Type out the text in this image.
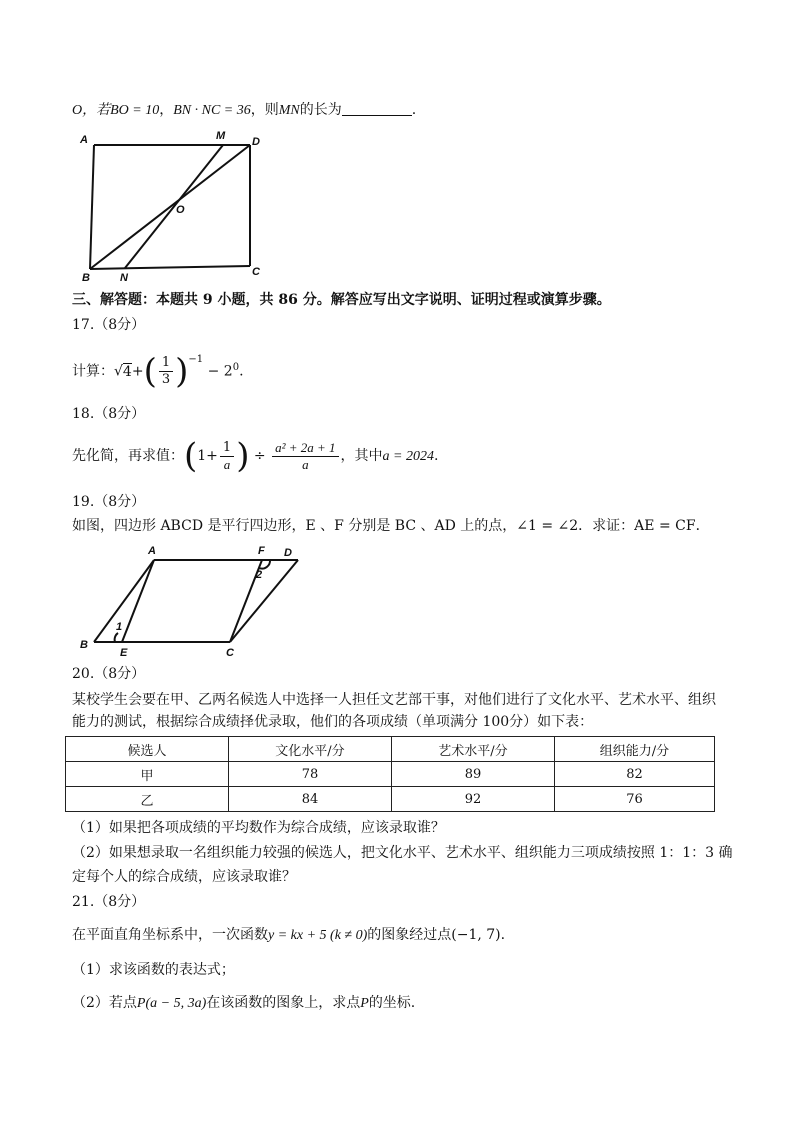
O，若BO = 10，BN · NC = 36，则MN的长为	.
A	M D
O
B	N	C
三、解答题：本题共 9 小题，共 86 分。解答应写出文字说明、证明过程或演算步骤。
17.（8分）
计算：$√4+( \frac{1}{3} )^{-1} - 2^0$.
18.（8分）
先化简，再求值：($1+ \frac{1}{a}$ ) ÷ $\frac{\text{a² + 2a + 1}}{a}$ ，其中a = 2024.
19.（8分）
如图，四边形 ABCD 是平行四边形，E 、F 分别是 BC 、AD 上的点，∠1 = ∠2．求证：AE = CF．
A	F D
B
E	C
1
2
20.（8分）
某校学生会要在甲、乙两名候选人中选择一人担任文艺部干事，对他们进行了文化水平、艺术水平、组织
能力的测试，根据综合成绩择优录取，他们的各项成绩（单项满分 100分）如下表：
候选人	文化水平/分	艺术水平/分	组织能力/分
甲	78	89	82
乙	84	92	76
（1）如果把各项成绩的平均数作为综合成绩，应该录取谁？
（2）如果想录取一名组织能力较强的候选人，把文化水平、艺术水平、组织能力三项成绩按照 1：1：3 确
定每个人的综合成绩，应该录取谁？
21.（8分）
在平面直角坐标系中，一次函数y = kx + 5 (k ≠ 0)的图象经过点(−1, 7).
（1）求该函数的表达式；
（2）若点P(a − 5, 3a)在该函数的图象上，求点P的坐标.
